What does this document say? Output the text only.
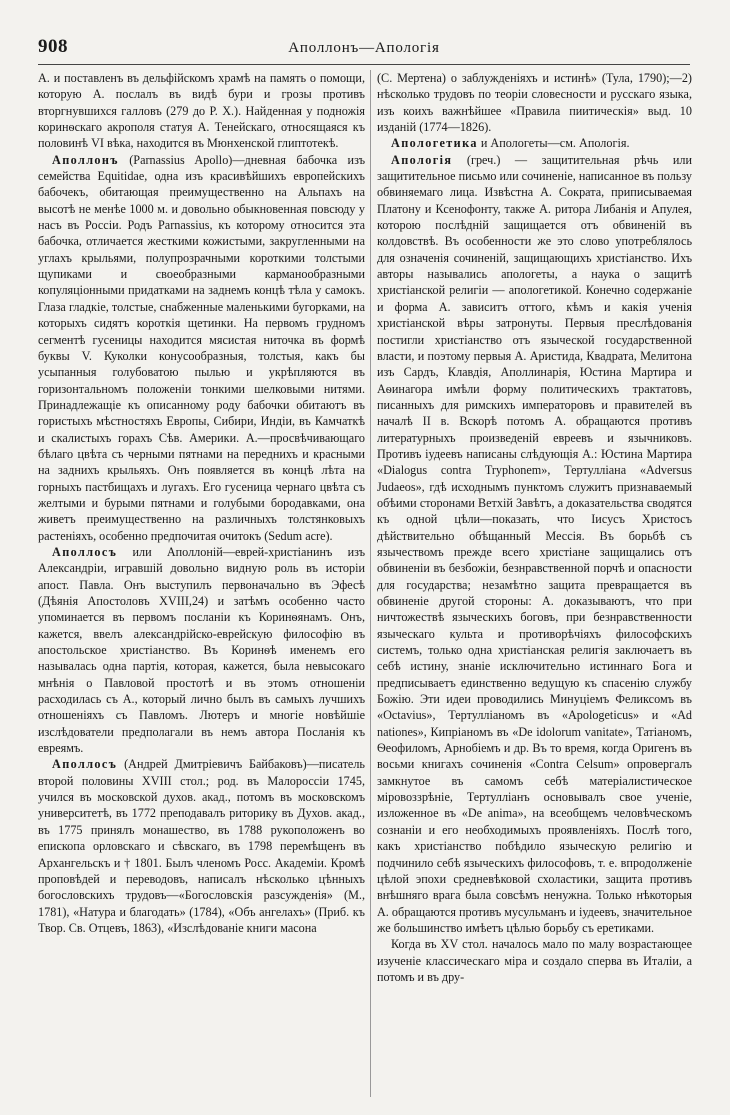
908	Аполлонъ—Апологія

А. и поставленъ въ дельфійскомъ храмѣ на память о помощи, которую А. послалъ въ видѣ бури и грозы противъ вторгнувшихся галловъ (279 до Р. Х.). Найденная у подножія коринѳскаго акрополя статуя А. Тенейскаго, относящаяся къ половинѣ VI вѣка, находится въ Мюнхенской глиптотекѣ.

Аполлонъ (Parnassius Apollo)—дневная бабочка изъ семейства Equitidae, одна изъ красивѣйшихъ европейскихъ бабочекъ, обитающая преимущественно на Альпахъ на высотѣ не менѣе 1000 м. и довольно обыкновенная повсюду у насъ въ Россіи. Родъ Parnassius, къ которому относится эта бабочка, отличается жесткими кожистыми, закругленными на углахъ крыльями, полупрозрачными короткими толстыми щупиками и своеобразными карманообразными копуляціонными придатками на заднемъ концѣ тѣла у самокъ. Глаза гладкіе, толстые, снабженные маленькими бугорками, на которыхъ сидятъ короткія щетинки. На первомъ грудномъ сегментѣ гусеницы находится мясистая ниточка въ формѣ буквы V. Куколки конусообразныя, толстыя, какъ бы усыпанныя голубоватою пылью и укрѣпляются въ горизонтальномъ положеніи тонкими шелковыми нитями. Принадлежащіе къ описанному роду бабочки обитаютъ въ гористыхъ мѣстностяхъ Европы, Сибири, Индіи, въ Камчаткѣ и скалистыхъ горахъ Сѣв. Америки. А.—просвѣчивающаго бѣлаго цвѣта съ черными пятнами на переднихъ и красными на заднихъ крыльяхъ. Онъ появляется въ концѣ лѣта на горныхъ пастбищахъ и лугахъ. Его гусеница чернаго цвѣта съ желтыми и бурыми пятнами и голубыми бородавками, она живетъ преимущественно на различныхъ толстянковыхъ растеніяхъ, особенно предпочитая очитокъ (Sedum acre).

Аполлосъ или Аполлоній—еврей-христіанинъ изъ Александріи, игравшій довольно видную роль въ исторіи апост. Павла. Онъ выступилъ первоначально въ Эфесѣ (Дѣянія Апостоловъ XVIII,24) и затѣмъ особенно часто упоминается въ первомъ посланіи къ Коринѳянамъ. Онъ, кажется, ввелъ александрійско-еврейскую философію въ апостольское христіанство. Въ Коринѳѣ именемъ его называлась одна партія, которая, кажется, была невысокаго мнѣнія о Павловой простотѣ и въ этомъ отношеніи расходилась съ А., который лично былъ въ самыхъ лучшихъ отношеніяхъ съ Павломъ. Лютеръ и многіе новѣйшіе изслѣдователи предполагали въ немъ автора Посланія къ евреямъ.

Аполлосъ (Андрей Дмитріевичъ Байбаковъ)—писатель второй половины XVIII стол.; род. въ Малороссіи 1745, учился въ московской духов. акад., потомъ въ московскомъ университетѣ, въ 1772 преподавалъ риторику въ Духов. акад., въ 1775 принялъ монашество, въ 1788 рукоположенъ во епископа орловскаго и сѣвскаго, въ 1798 перемѣщенъ въ Архангельскъ и † 1801. Былъ членомъ Росс. Академіи. Кромѣ проповѣдей и переводовъ, написалъ нѣсколько цѣнныхъ богословскихъ трудовъ—«Богословскія разсужденія» (М., 1781), «Натура и благодать» (1784), «Объ ангелахъ» (Приб. къ Твор. Св. Отцевъ, 1863), «Изслѣдованіе книги масона

(С. Мертена) о заблужденіяхъ и истинѣ» (Тула, 1790);—2) нѣсколько трудовъ по теоріи словесности и русскаго языка, изъ коихъ важнѣйшее «Правила пиитическія» выд. 10 изданій (1774—1826).

Апологетика и Апологеты—см. Апологія.

Апологія (греч.) — защитительная рѣчь или защитительное письмо или сочиненіе, написанное въ пользу обвиняемаго лица. Извѣстна А. Сократа, приписываемая Платону и Ксенофонту, также А. ритора Либанія и Апулея, которою послѣдній защищается отъ обвиненій въ колдовствѣ. Въ особенности же это слово употреблялось для означенія сочиненій, защищающихъ христіанство. Ихъ авторы назывались апологеты, а наука о защитѣ христіанской религіи — апологетикой. Конечно содержаніе и форма А. зависитъ оттого, кѣмъ и какія ученія христіанской вѣры затронуты. Первыя преслѣдованія постигли христіанство отъ языческой государственной власти, и поэтому первыя А. Аристида, Квадрата, Мелитона изъ Сардъ, Клавдія, Аполлинарія, Юстина Мартира и Аѳинагора имѣли форму политическихъ трактатовъ, писанныхъ для римскихъ императоровъ и правителей въ началѣ II в. Вскорѣ потомъ А. обращаются противъ литературныхъ произведеній евреевъ и язычниковъ. Противъ іудеевъ написаны слѣдующія А.: Юстина Мартира «Dialogus contra Tryphonem», Тертулліана «Adversus Judaeos», гдѣ исходнымъ пунктомъ служитъ признаваемый обѣими сторонами Ветхій Завѣтъ, а доказательства сводятся къ одной цѣли—показать, что Іисусъ Христосъ дѣйствительно обѣщанный Мессія. Въ борьбѣ съ язычествомъ прежде всего христіане защищались отъ обвиненіи въ безбожіи, безнравственной порчѣ и опасности для государства; незамѣтно защита превращается въ обвиненіе другой стороны: А. доказываютъ, что при ничтожествѣ языческихъ боговъ, при безнравственности языческаго культа и противорѣчіяхъ философскихъ системъ, только одна христіанская религія заключаетъ въ себѣ истину, знаніе исключительно истиннаго Бога и предписываетъ единственно ведущую къ спасенію службу Божію. Эти идеи проводились Минуціемъ Феликсомъ въ «Octavius», Тертулліаномъ въ «Apologeticus» и «Ad nationes», Кипріаномъ въ «De idolorum vanitate», Татіаномъ, Ѳеофиломъ, Арнобіемъ и др. Въ то время, когда Оригенъ въ восьми книгахъ сочиненія «Contra Celsum» опровергалъ замкнутое въ самомъ себѣ матеріалистическое міровоззрѣніе, Тертулліанъ основывалъ свое ученіе, изложенное въ «De anima», на всеобщемъ человѣческомъ сознаніи и его необходимыхъ проявленіяхъ. Послѣ того, какъ христіанство побѣдило языческую религію и подчинило себѣ языческихъ философовъ, т. е. впродолженіе цѣлой эпохи средневѣковой схоластики, защита противъ внѣшняго врага была совсѣмъ ненужна. Только нѣкоторыя А. обращаются противъ мусульманъ и іудеевъ, значительное же большинство имѣетъ цѣлью борьбу съ еретиками.

Когда въ XV стол. началось мало по малу возрастающее изученіе классическаго міра и создало сперва въ Италіи, а потомъ и въ дру-
